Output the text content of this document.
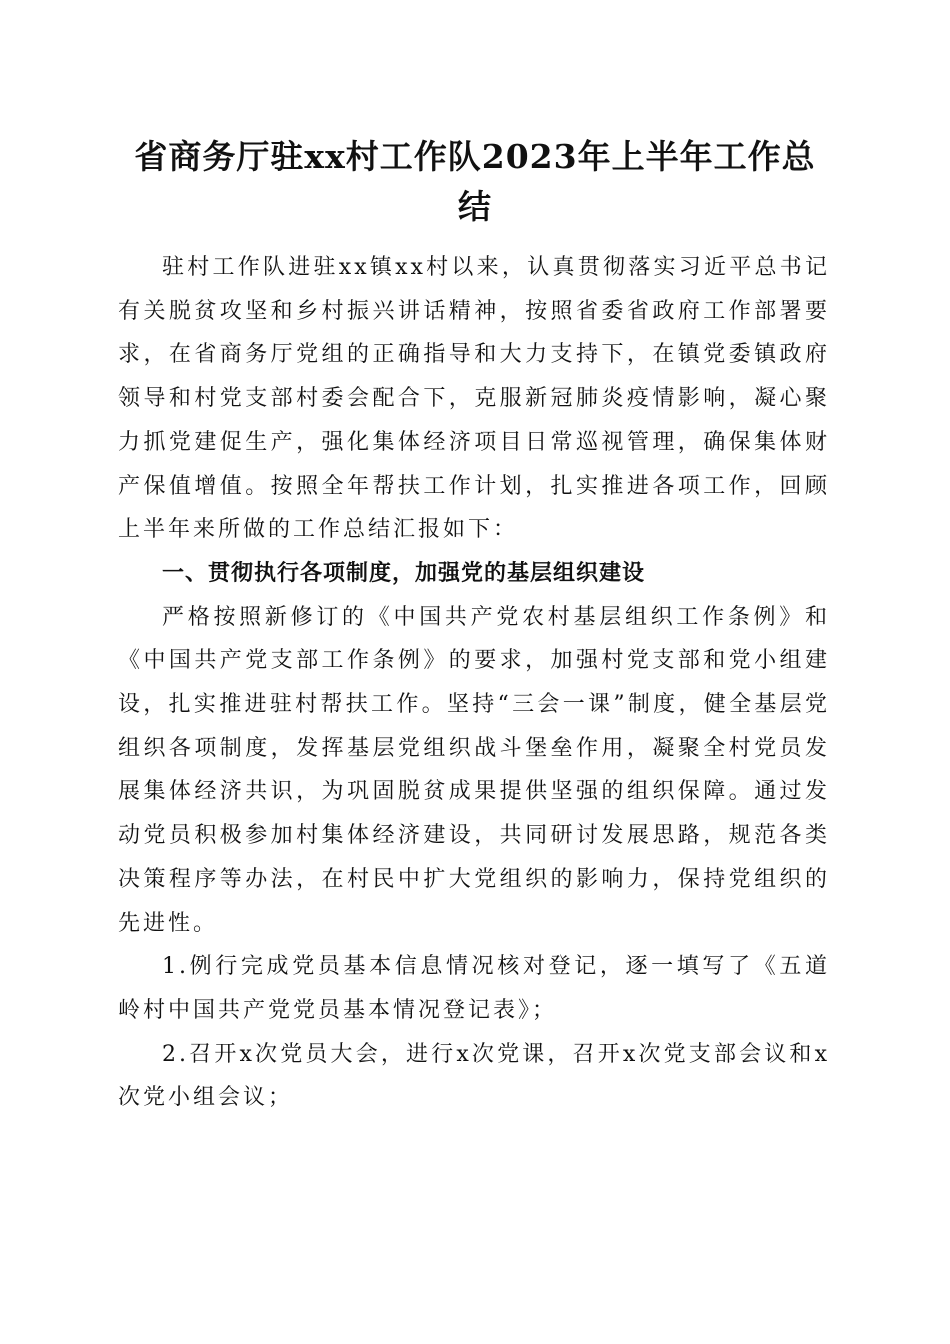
省商务厅驻xx村工作队2023年上半年工作总结

驻村工作队进驻xx镇xx村以来，认真贯彻落实习近平总书记有关脱贫攻坚和乡村振兴讲话精神，按照省委省政府工作部署要求，在省商务厅党组的正确指导和大力支持下，在镇党委镇政府领导和村党支部村委会配合下，克服新冠肺炎疫情影响，凝心聚力抓党建促生产，强化集体经济项目日常巡视管理，确保集体财产保值增值。按照全年帮扶工作计划，扎实推进各项工作，回顾上半年来所做的工作总结汇报如下：

一、贯彻执行各项制度，加强党的基层组织建设

严格按照新修订的《中国共产党农村基层组织工作条例》和《中国共产党支部工作条例》的要求，加强村党支部和党小组建设，扎实推进驻村帮扶工作。坚持“三会一课”制度，健全基层党组织各项制度，发挥基层党组织战斗堡垒作用，凝聚全村党员发展集体经济共识，为巩固脱贫成果提供坚强的组织保障。通过发动党员积极参加村集体经济建设，共同研讨发展思路，规范各类决策程序等办法，在村民中扩大党组织的影响力，保持党组织的先进性。

1.例行完成党员基本信息情况核对登记，逐一填写了《五道岭村中国共产党党员基本情况登记表》；

2.召开x次党员大会，进行x次党课，召开x次党支部会议和x次党小组会议；
